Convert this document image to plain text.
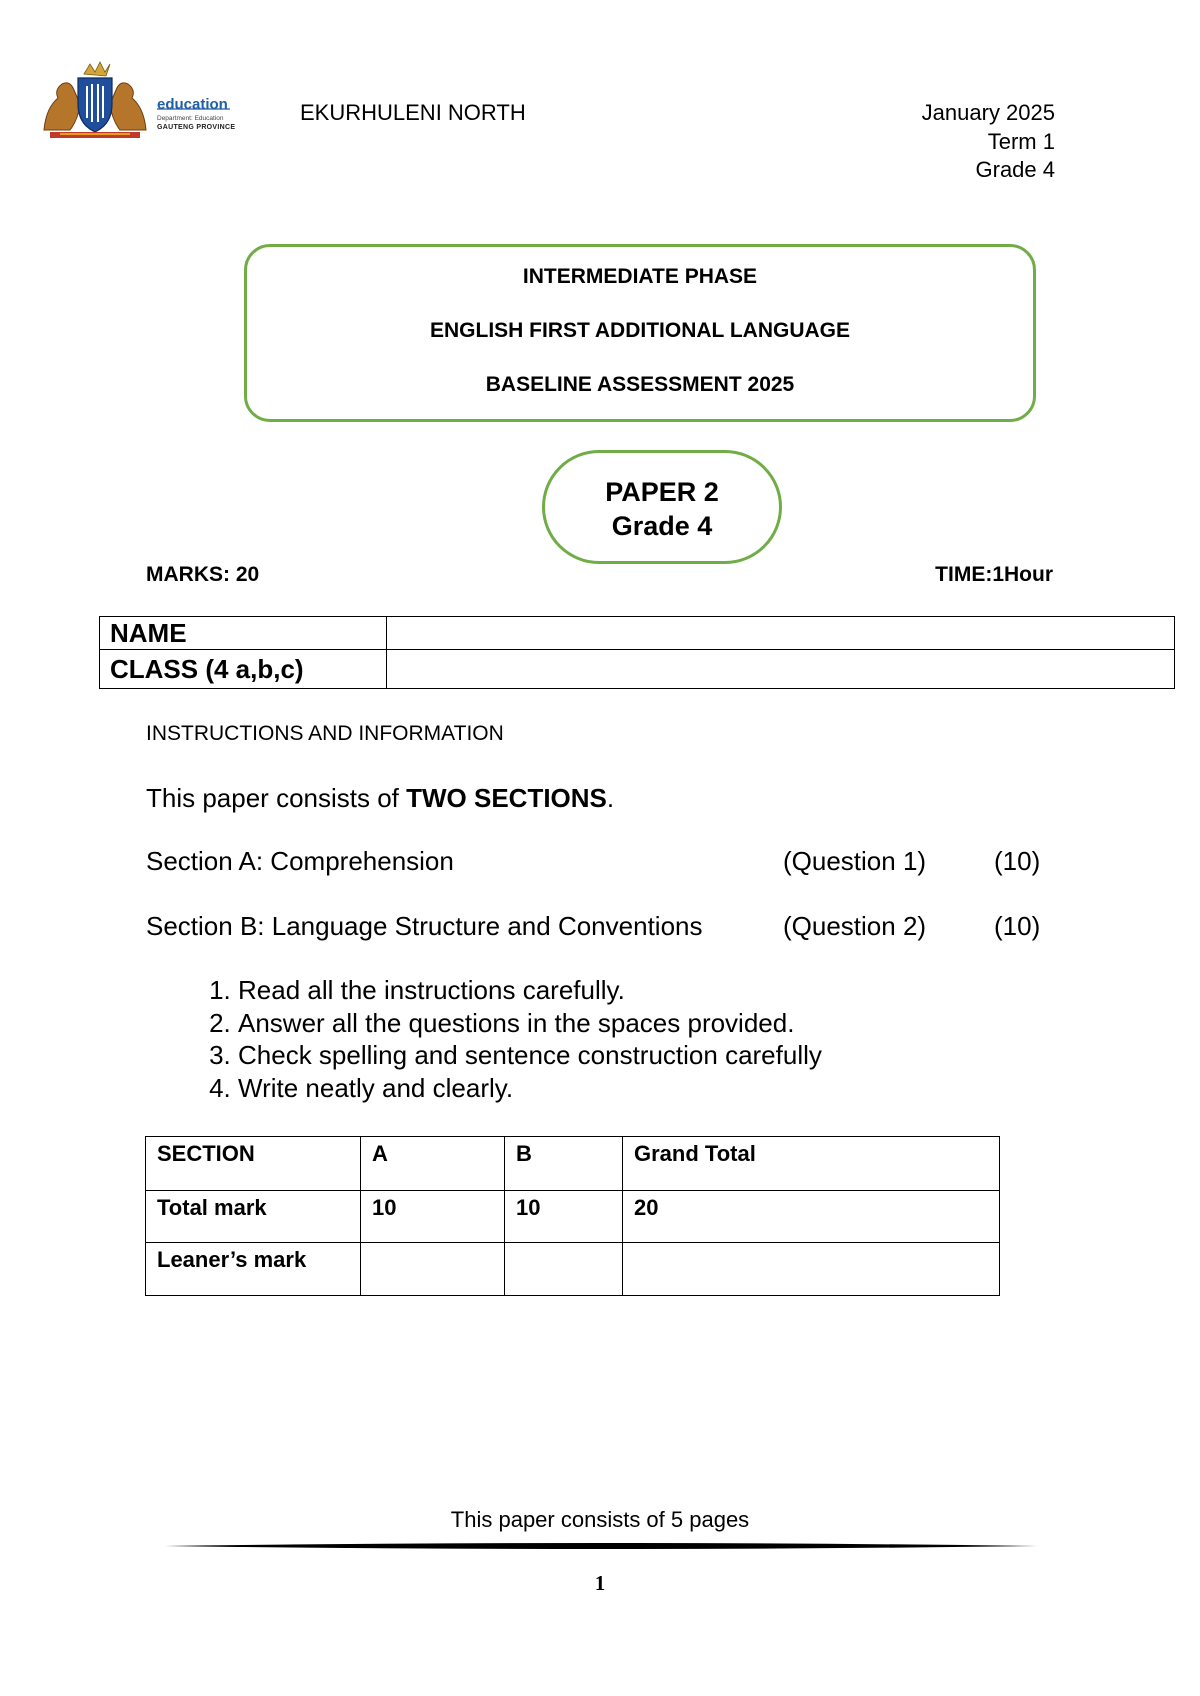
education
Department: Education
GAUTENG PROVINCE
EKURHULENI NORTH	January 2025
Term 1
Grade 4
INTERMEDIATE PHASE
ENGLISH FIRST ADDITIONAL LANGUAGE
BASELINE ASSESSMENT 2025
PAPER 2
Grade 4
MARKS: 20	TIME:1Hour
NAME	
CLASS (4 a,b,c)	
INSTRUCTIONS AND INFORMATION
This paper consists of TWO SECTIONS.
Section A: Comprehension	(Question 1)	(10)
Section B: Language Structure and Conventions	(Question 2)	(10)
1. Read all the instructions carefully.
2. Answer all the questions in the spaces provided.
3. Check spelling and sentence construction carefully
4. Write neatly and clearly.
SECTION	A	B	Grand Total
Total mark	10	10	20
Leaner’s mark			
This paper consists of 5 pages
1
